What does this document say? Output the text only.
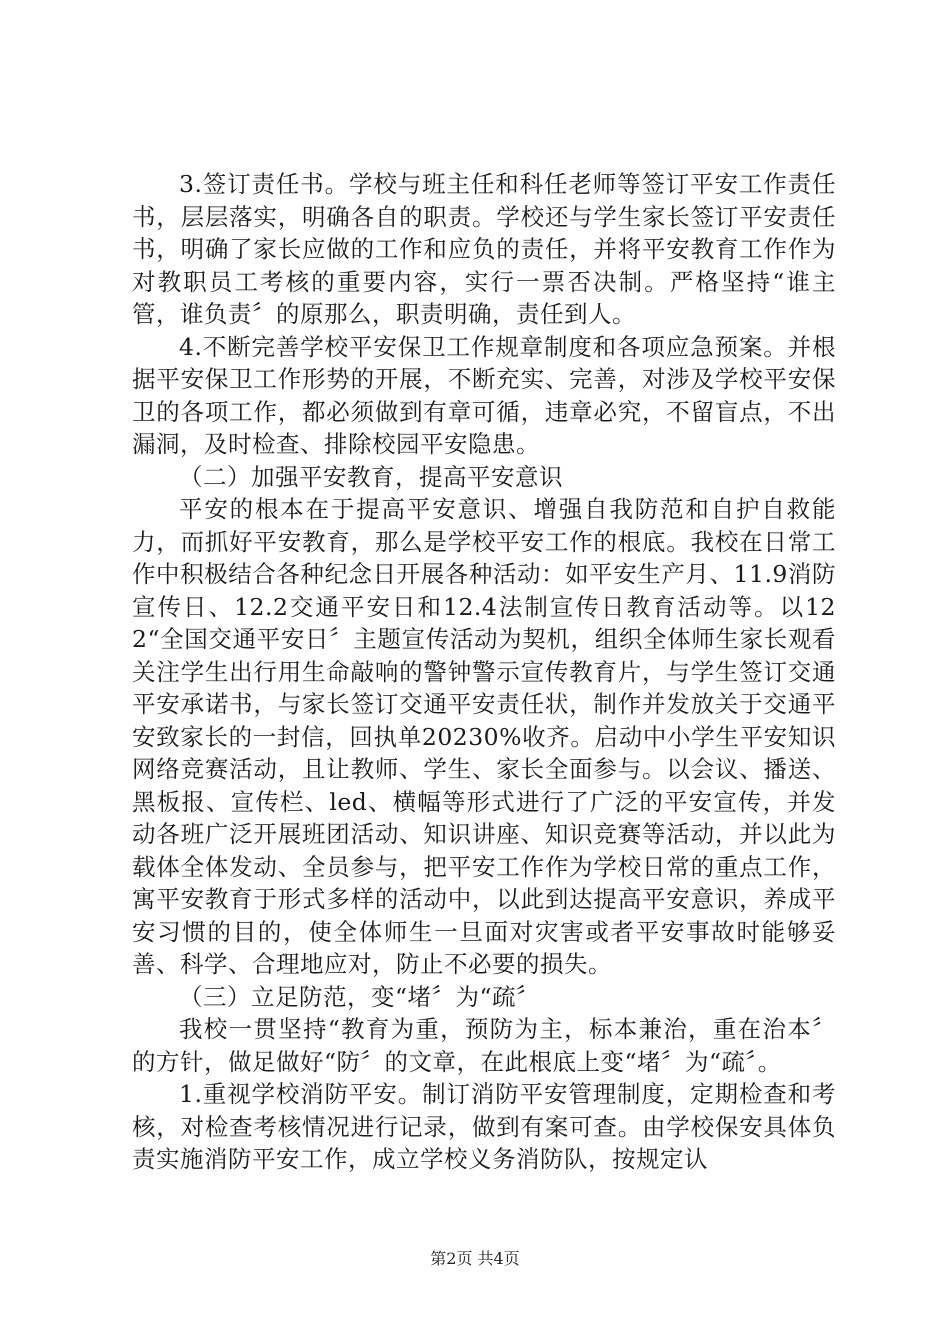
3.签订责任书。学校与班主任和科任老师等签订平安工作责任书，层层落实，明确各自的职责。学校还与学生家长签订平安责任书，明确了家长应做的工作和应负的责任，并将平安教育工作作为对教职员工考核的重要内容，实行一票否决制。严格坚持“谁主管，谁负责〞的原那么，职责明确，责任到人。

4.不断完善学校平安保卫工作规章制度和各项应急预案。并根据平安保卫工作形势的开展，不断充实、完善，对涉及学校平安保卫的各项工作，都必须做到有章可循，违章必究，不留盲点，不出漏洞，及时检查、排除校园平安隐患。

（二）加强平安教育，提高平安意识

平安的根本在于提高平安意识、增强自我防范和自护自救能力，而抓好平安教育，那么是学校平安工作的根底。我校在日常工作中积极结合各种纪念日开展各种活动：如平安生产月、11.9消防宣传日、12.2交通平安日和12.4法制宣传日教育活动等。以122“全国交通平安日〞主题宣传活动为契机，组织全体师生家长观看关注学生出行用生命敲响的警钟警示宣传教育片，与学生签订交通平安承诺书，与家长签订交通平安责任状，制作并发放关于交通平安致家长的一封信，回执单20230%收齐。启动中小学生平安知识网络竞赛活动，且让教师、学生、家长全面参与。以会议、播送、黑板报、宣传栏、led、横幅等形式进行了广泛的平安宣传，并发动各班广泛开展班团活动、知识讲座、知识竞赛等活动，并以此为载体全体发动、全员参与，把平安工作作为学校日常的重点工作，寓平安教育于形式多样的活动中，以此到达提高平安意识，养成平安习惯的目的，使全体师生一旦面对灾害或者平安事故时能够妥善、科学、合理地应对，防止不必要的损失。

（三）立足防范，变“堵〞为“疏〞

我校一贯坚持“教育为重，预防为主，标本兼治，重在治本〞的方针，做足做好“防〞的文章，在此根底上变“堵〞为“疏〞。

1.重视学校消防平安。制订消防平安管理制度，定期检查和考核，对检查考核情况进行记录，做到有案可查。由学校保安具体负责实施消防平安工作，成立学校义务消防队，按规定认

第2页 共4页
